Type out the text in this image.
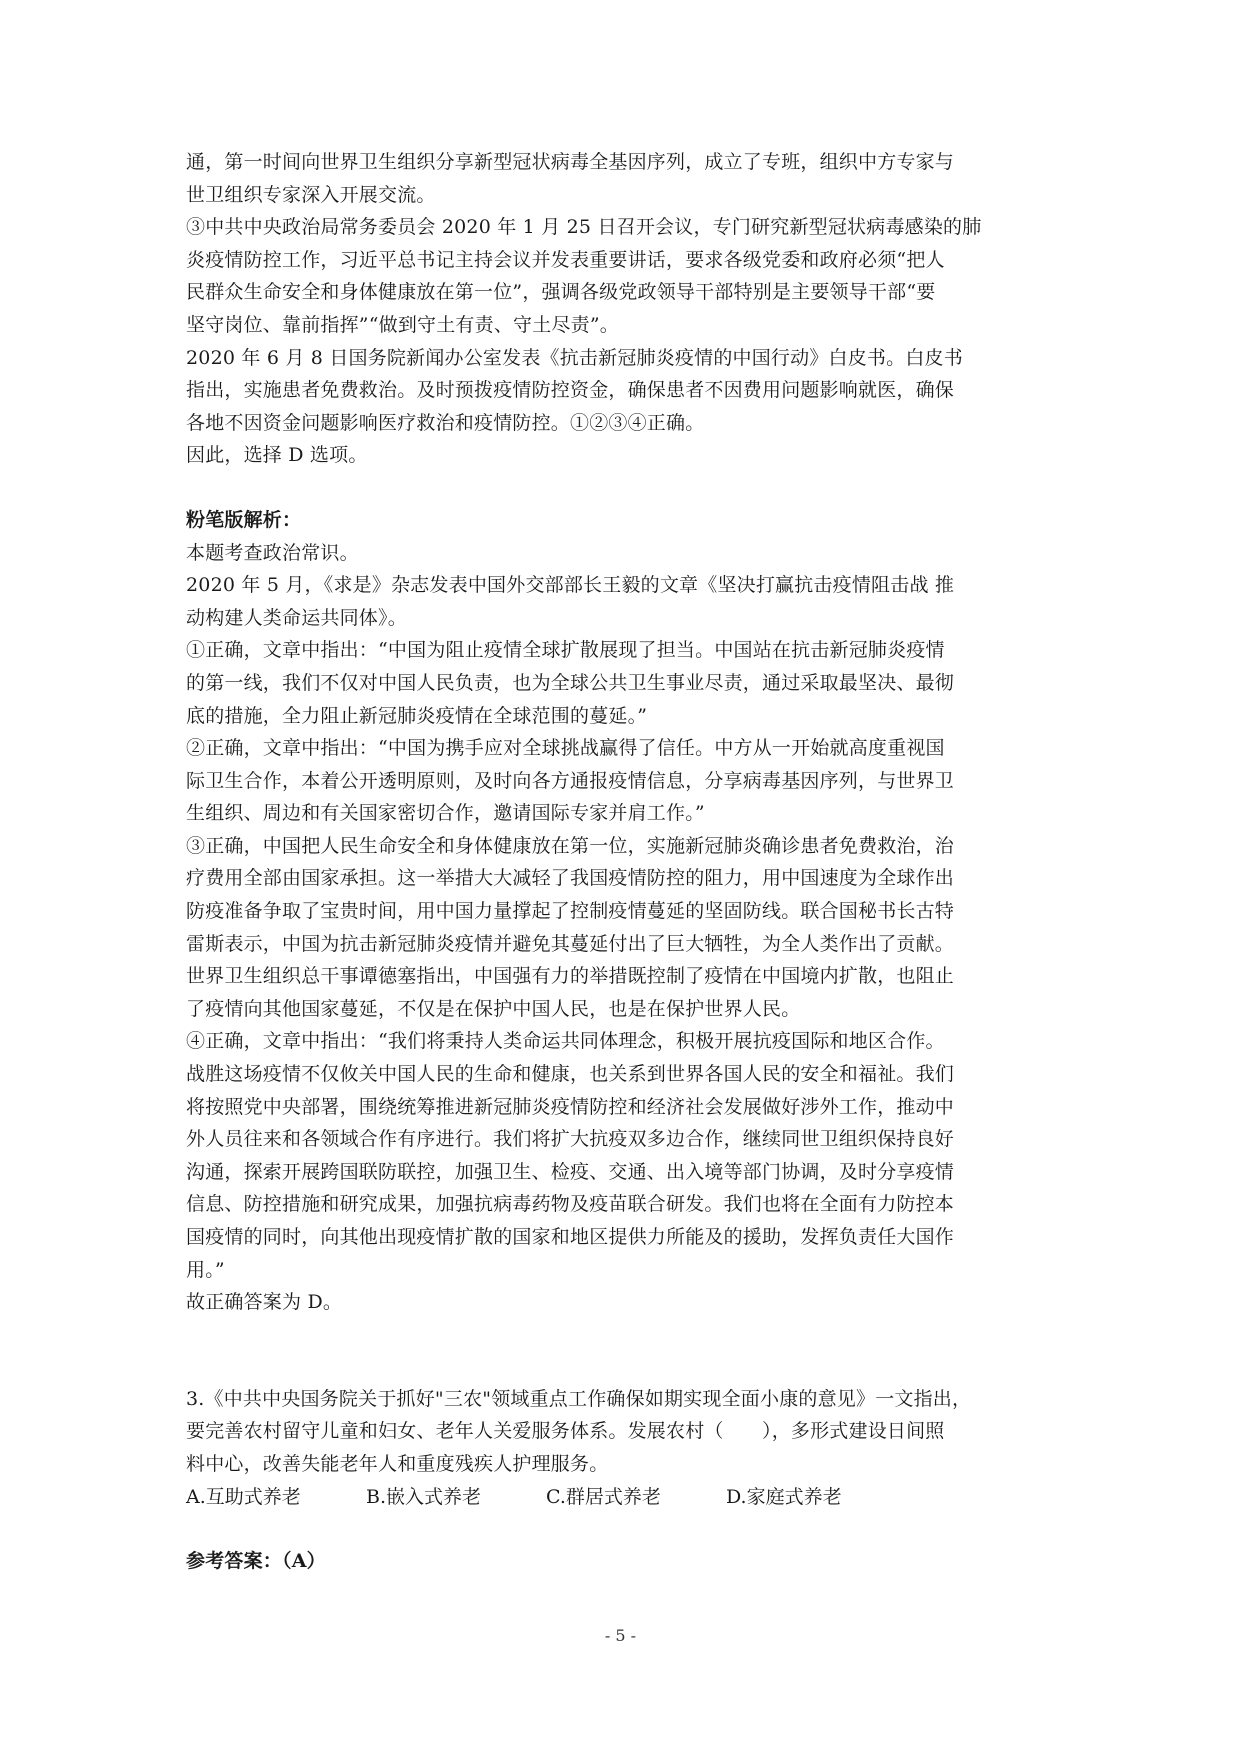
通，第一时间向世界卫生组织分享新型冠状病毒全基因序列，成立了专班，组织中方专家与
世卫组织专家深入开展交流。
③中共中央政治局常务委员会 2020 年 1 月 25 日召开会议，专门研究新型冠状病毒感染的肺
炎疫情防控工作，习近平总书记主持会议并发表重要讲话，要求各级党委和政府必须“把人
民群众生命安全和身体健康放在第一位”，强调各级党政领导干部特别是主要领导干部“要
坚守岗位、靠前指挥”“做到守土有责、守土尽责”。
2020 年 6 月 8 日国务院新闻办公室发表《抗击新冠肺炎疫情的中国行动》白皮书。白皮书
指出，实施患者免费救治。及时预拨疫情防控资金，确保患者不因费用问题影响就医，确保
各地不因资金问题影响医疗救治和疫情防控。①②③④正确。
因此，选择 D 选项。
粉笔版解析：
本题考查政治常识。
2020 年 5 月，《求是》杂志发表中国外交部部长王毅的文章《坚决打赢抗击疫情阻击战 推
动构建人类命运共同体》。
①正确，文章中指出：“中国为阻止疫情全球扩散展现了担当。中国站在抗击新冠肺炎疫情
的第一线，我们不仅对中国人民负责，也为全球公共卫生事业尽责，通过采取最坚决、最彻
底的措施，全力阻止新冠肺炎疫情在全球范围的蔓延。”
②正确，文章中指出：“中国为携手应对全球挑战赢得了信任。中方从一开始就高度重视国
际卫生合作，本着公开透明原则，及时向各方通报疫情信息，分享病毒基因序列，与世界卫
生组织、周边和有关国家密切合作，邀请国际专家并肩工作。”
③正确，中国把人民生命安全和身体健康放在第一位，实施新冠肺炎确诊患者免费救治，治
疗费用全部由国家承担。这一举措大大减轻了我国疫情防控的阻力，用中国速度为全球作出
防疫准备争取了宝贵时间，用中国力量撑起了控制疫情蔓延的坚固防线。联合国秘书长古特
雷斯表示，中国为抗击新冠肺炎疫情并避免其蔓延付出了巨大牺牲，为全人类作出了贡献。
世界卫生组织总干事谭德塞指出，中国强有力的举措既控制了疫情在中国境内扩散，也阻止
了疫情向其他国家蔓延，不仅是在保护中国人民，也是在保护世界人民。
④正确，文章中指出：“我们将秉持人类命运共同体理念，积极开展抗疫国际和地区合作。
战胜这场疫情不仅攸关中国人民的生命和健康，也关系到世界各国人民的安全和福祉。我们
将按照党中央部署，围绕统筹推进新冠肺炎疫情防控和经济社会发展做好涉外工作，推动中
外人员往来和各领域合作有序进行。我们将扩大抗疫双多边合作，继续同世卫组织保持良好
沟通，探索开展跨国联防联控，加强卫生、检疫、交通、出入境等部门协调，及时分享疫情
信息、防控措施和研究成果，加强抗病毒药物及疫苗联合研发。我们也将在全面有力防控本
国疫情的同时，向其他出现疫情扩散的国家和地区提供力所能及的援助，发挥负责任大国作
用。”
故正确答案为 D。
3.《中共中央国务院关于抓好"三农"领域重点工作确保如期实现全面小康的意见》一文指出，
要完善农村留守儿童和妇女、老年人关爱服务体系。发展农村（　　），多形式建设日间照
料中心，改善失能老年人和重度残疾人护理服务。
A.互助式养老	B.嵌入式养老	C.群居式养老	D.家庭式养老
参考答案：（A）
- 5 -
